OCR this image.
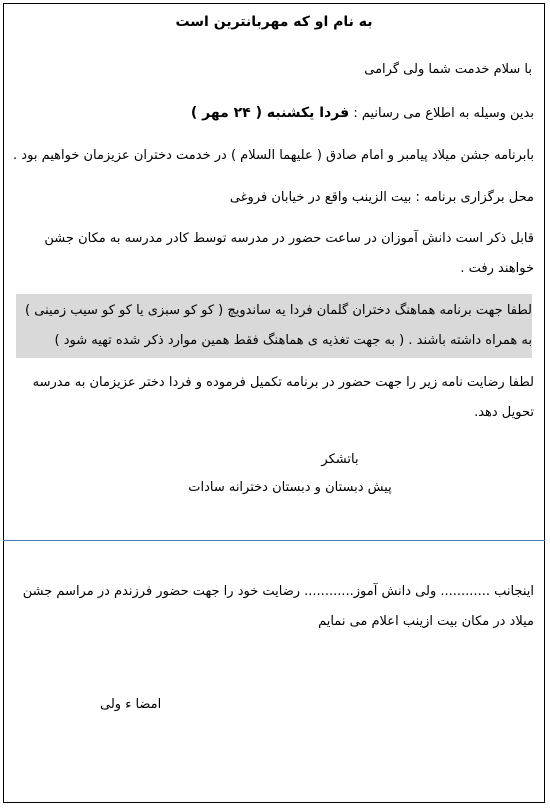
به نام او که مهربانترین است
با سلام خدمت شما ولی گرامی
بدین وسیله به اطلاع می رسانیم : فردا یکشنبه ( ۲۴ مهر )
بابرنامه جشن میلاد پیامبر و امام صادق ( علیهما السلام ) در خدمت دختران عزیزمان خواهیم بود .
محل برگزاری برنامه : بیت الزینب واقع در خیابان فروغی
قابل ذکر است دانش آموزان در ساعت حضور در مدرسه توسط کادر مدرسه به مکان جشن
خواهند رفت .
لطفا جهت برنامه هماهنگ دختران گلمان فردا یه ساندویچ ( کو کو سبزی یا کو کو سیب زمینی )
به همراه داشته باشند . ( به جهت تغذیه ی هماهنگ فقط همین موارد ذکر شده تهیه شود )
لطفا رضایت نامه زیر را جهت حضور در برنامه تکمیل فرموده و فردا دختر عزیزمان به مدرسه
تحویل دهد.
باتشکر
پیش دبستان و دبستان دخترانه سادات
اینجانب ............ ولی دانش آموز............ رضایت خود را جهت حضور فرزندم در مراسم جشن
میلاد در مکان بیت ازینب اعلام می نمایم
امضا ء ولی
